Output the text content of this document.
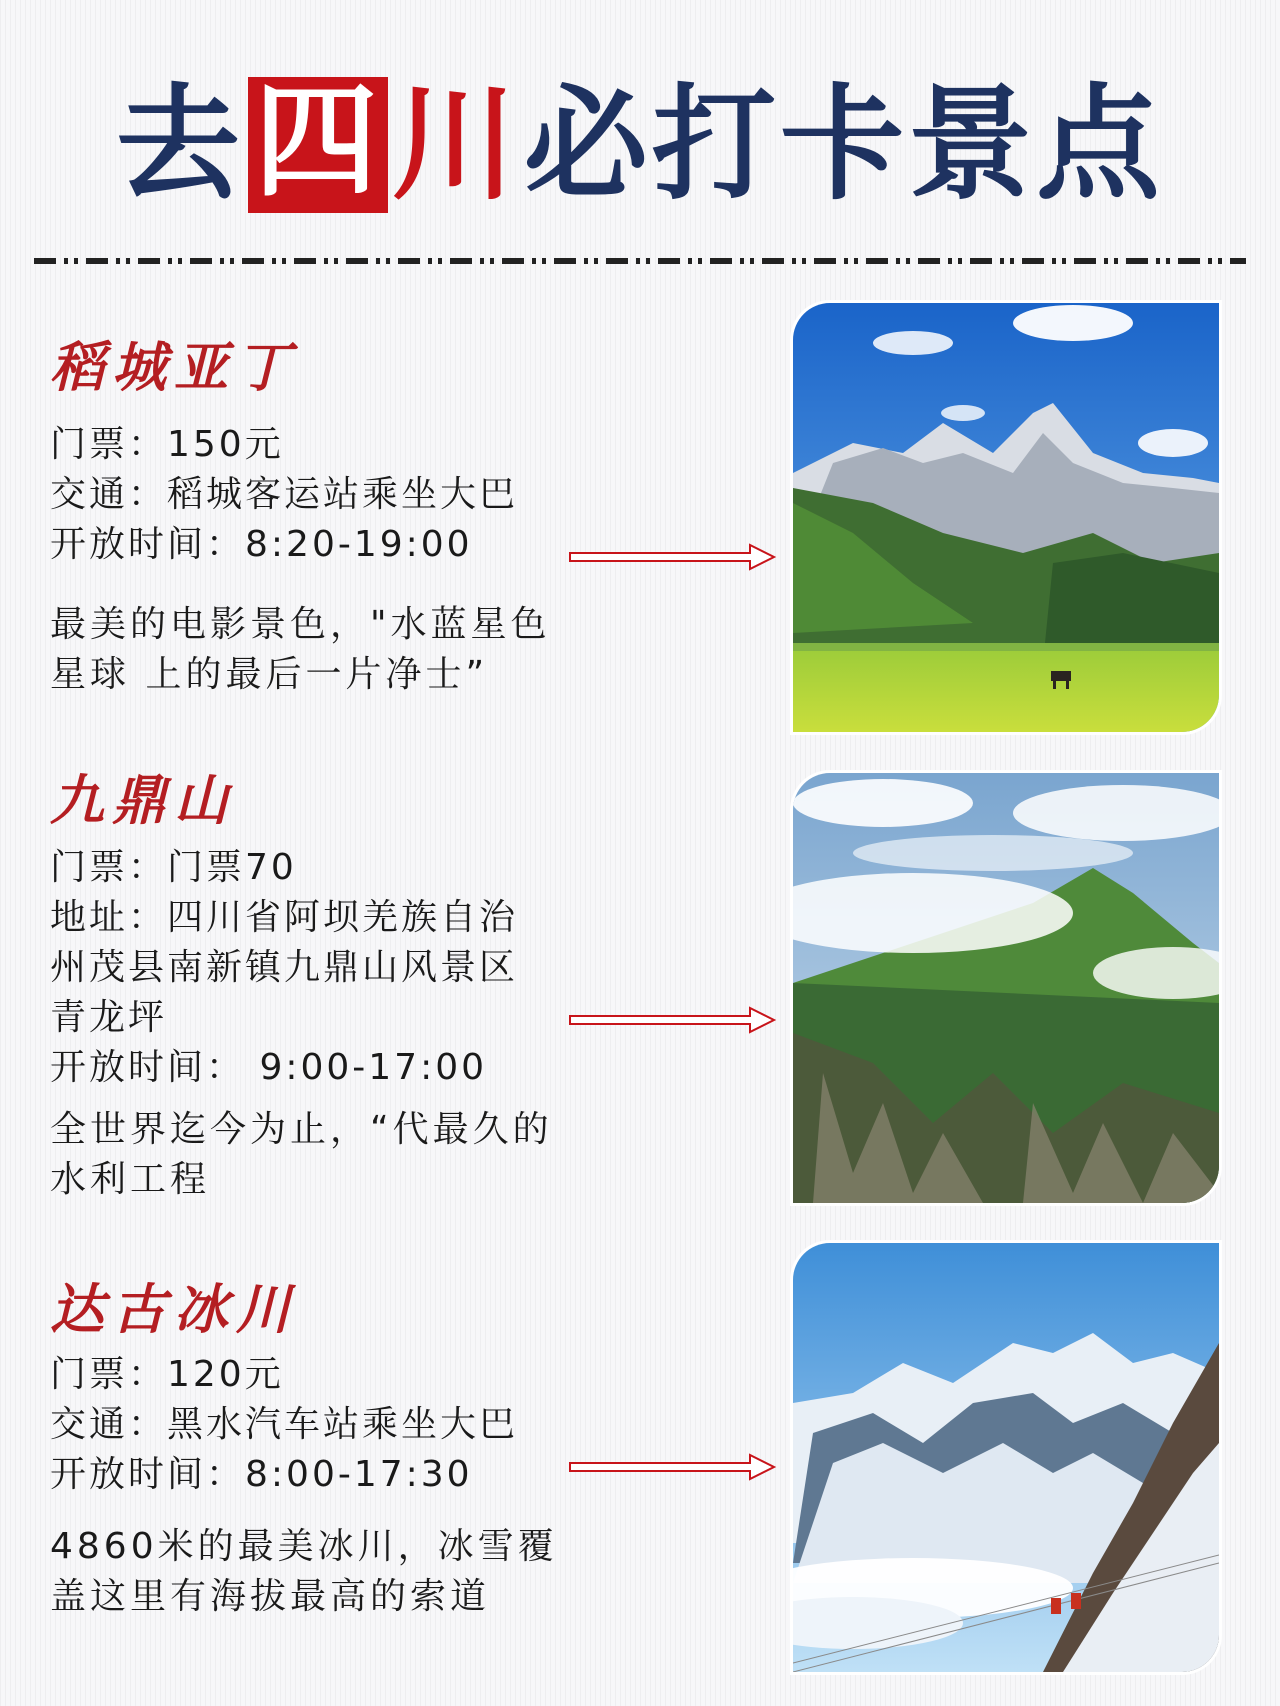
去 四 川 必打卡景点
稻城亚丁
门票：150元
交通：稻城客运站乘坐大巴
开放时间：8:20-19:00
最美的电影景色，"水蓝星色星球 上的最后一片净士”
九鼎山
门票：门票70
地址：四川省阿坝羌族自治州茂县南新镇九鼎山风景区青龙坪
开放时间： 9:00-17:00
全世界迄今为止，“代最久的水利工程
达古冰川
门票：120元
交通：黑水汽车站乘坐大巴
开放时间：8:00-17:30
4860米的最美冰川，冰雪覆盖这里有海拔最高的索道
